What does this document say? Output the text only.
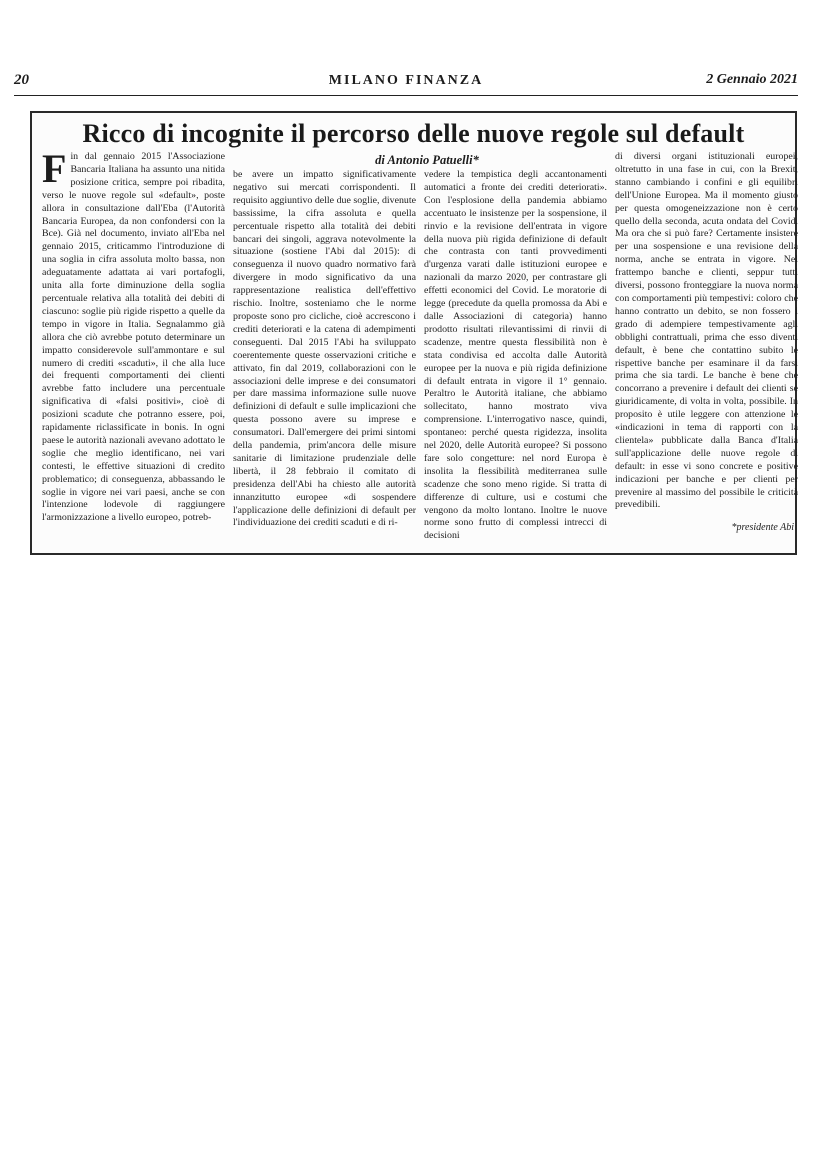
20	MILANO FINANZA	2 Gennaio 2021
Ricco di incognite il percorso delle nuove regole sul default
di Antonio Patuelli*

Fin dal gennaio 2015 l'Associazione Bancaria Italiana ha assunto una nitida posizione critica, sempre poi ribadita, verso le nuove regole sul «default», poste allora in consultazione dall'Eba (l'Autorità Bancaria Europea, da non confondersi con la Bce). Già nel documento, inviato all'Eba nel gennaio 2015, criticammo l'introduzione di una soglia in cifra assoluta molto bassa, non adeguatamente adattata ai vari portafogli, unita alla forte diminuzione della soglia percentuale relativa alla totalità dei debiti di ciascuno: soglie più rigide rispetto a quelle da tempo in vigore in Italia. Segnalammo già allora che ciò avrebbe potuto determinare un impatto considerevole sull'ammontare e sul numero di crediti «scaduti», il che alla luce dei frequenti comportamenti dei clienti avrebbe fatto includere una percentuale significativa di «falsi positivi», cioè di posizioni scadute che potranno essere, poi, rapidamente riclassificate in bonis. In ogni paese le autorità nazionali avevano adottato le soglie che meglio identificano, nei vari contesti, le effettive situazioni di credito problematico; di conseguenza, abbassando le soglie in vigore nei vari paesi, anche se con l'intenzione lodevole di raggiungere l'armonizzazione a livello europeo, potreb-

be avere un impatto significativamente negativo sui mercati corrispondenti. Il requisito aggiuntivo delle due soglie, divenute bassissime, la cifra assoluta e quella percentuale rispetto alla totalità dei debiti bancari dei singoli, aggrava notevolmente la situazione (sostiene l'Abi dal 2015): di conseguenza il nuovo quadro normativo farà divergere in modo significativo da una rappresentazione realistica dell'effettivo rischio. Inoltre, sosteniamo che le norme proposte sono pro cicliche, cioè accrescono i crediti deteriorati e la catena di adempimenti conseguenti. Dal 2015 l'Abi ha sviluppato coerentemente queste osservazioni critiche e attivato, fin dal 2019, collaborazioni con le associazioni delle imprese e dei consumatori per dare massima informazione sulle nuove definizioni di default e sulle implicazioni che questa possono avere su imprese e consumatori. Dall'emergere dei primi sintomi della pandemia, prim'ancora delle misure sanitarie di limitazione prudenziale delle libertà, il 28 febbraio il comitato di presidenza dell'Abi ha chiesto alle autorità innanzitutto europee «di sospendere l'applicazione delle definizioni di default per l'individuazione dei crediti scaduti e di ri-

vedere la tempistica degli accantonamenti automatici a fronte dei crediti deteriorati». Con l'esplosione della pandemia abbiamo accentuato le insistenze per la sospensione, il rinvio e la revisione dell'entrata in vigore della nuova più rigida definizione di default che contrasta con tanti provvedimenti d'urgenza varati dalle istituzioni europee e nazionali da marzo 2020, per contrastare gli effetti economici del Covid. Le moratorie di legge (precedute da quella promossa da Abi e dalle Associazioni di categoria) hanno prodotto risultati rilevantissimi di rinvii di scadenze, mentre questa flessibilità non è stata condivisa ed accolta dalle Autorità europee per la nuova e più rigida definizione di default entrata in vigore il 1° gennaio. Peraltro le Autorità italiane, che abbiamo sollecitato, hanno mostrato viva comprensione. L'interrogativo nasce, quindi, spontaneo: perché questa rigidezza, insolita nel 2020, delle Autorità europee? Si possono fare solo congetture: nel nord Europa è insolita la flessibilità mediterranea sulle scadenze che sono meno rigide. Si tratta di differenze di culture, usi e costumi che vengono da molto lontano. Inoltre le nuove norme sono frutto di complessi intrecci di decisioni

di diversi organi istituzionali europei, oltretutto in una fase in cui, con la Brexit, stanno cambiando i confini e gli equilibri dell'Unione Europea. Ma il momento giusto per questa omogeneizzazione non è certo quello della seconda, acuta ondata del Covid. Ma ora che si può fare? Certamente insistere per una sospensione e una revisione della norma, anche se entrata in vigore. Nel frattempo banche e clienti, seppur tutti diversi, possono fronteggiare la nuova norma con comportamenti più tempestivi: coloro che hanno contratto un debito, se non fossero i grado di adempiere tempestivamente agli obblighi contrattuali, prima che esso diventi default, è bene che contattino subito le rispettive banche per esaminare il da farsi prima che sia tardi. Le banche è bene che concorrano a prevenire i default dei clienti se giuridicamente, di volta in volta, possibile. In proposito è utile leggere con attenzione le «indicazioni in tema di rapporti con la clientela» pubblicate dalla Banca d'Italia sull'applicazione delle nuove regole di default: in esse vi sono concrete e positive indicazioni per banche e per clienti per prevenire al massimo del possibile le criticità prevedibili.

*presidente Abi
